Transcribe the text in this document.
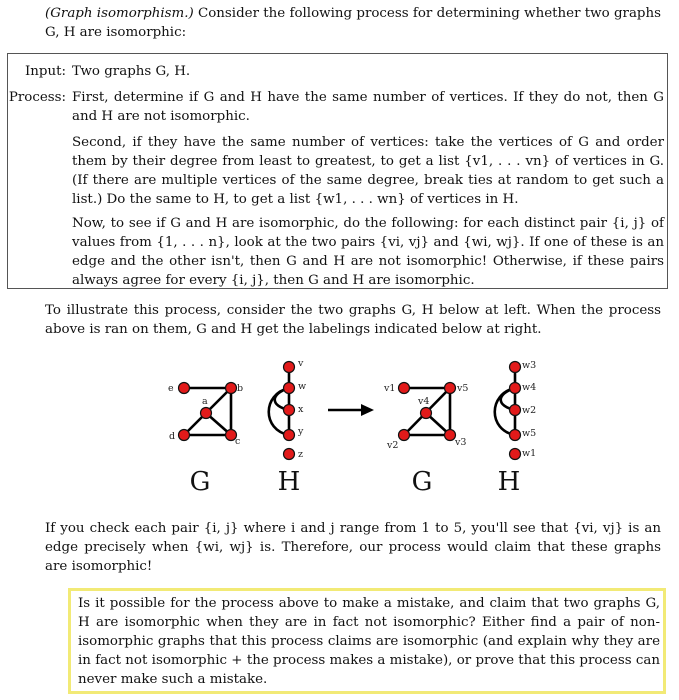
(Graph isomorphism.) Consider the following process for determining whether two graphs G, H are isomorphic:
Input: Two graphs G, H.
Process: First, determine if G and H have the same number of vertices. If they do not, then G and H are not isomorphic.
Second, if they have the same number of vertices: take the vertices of G and order them by their degree from least to greatest, to get a list {v1, . . . vn} of vertices in G. (If there are multiple vertices of the same degree, break ties at random to get such a list.) Do the same to H, to get a list {w1, . . . wn} of vertices in H.
Now, to see if G and H are isomorphic, do the following: for each distinct pair {i, j} of values from {1, . . . n}, look at the two pairs {vi, vj} and {wi, wj}. If one of these is an edge and the other isn't, then G and H are not isomorphic! Otherwise, if these pairs always agree for every {i, j}, then G and H are isomorphic.
To illustrate this process, consider the two graphs G, H below at left. When the process above is ran on them, G and H get the labelings indicated below at right.
e	b
a
d	c
v
w
x
y
z
v1	v5
v4
v2	v3
w3
w4
w2
w5
w1
G	H	G	H
If you check each pair {i, j} where i and j range from 1 to 5, you'll see that {vi, vj} is an edge precisely when {wi, wj} is. Therefore, our process would claim that these graphs are isomorphic!
Is it possible for the process above to make a mistake, and claim that two graphs G, H are isomorphic when they are in fact not isomorphic? Either find a pair of non-isomorphic graphs that this process claims are isomorphic (and explain why they are in fact not isomorphic + the process makes a mistake), or prove that this process can never make such a mistake.
